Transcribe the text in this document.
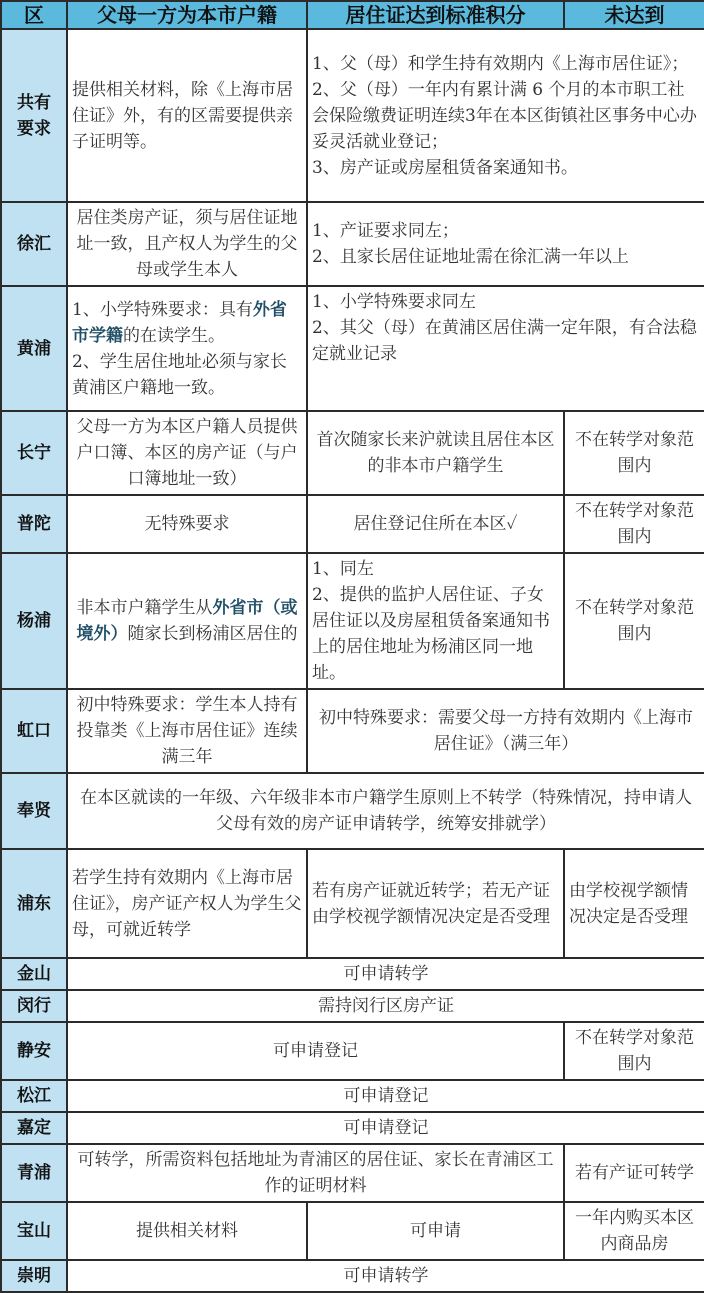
区	父母一方为本市户籍	居住证达到标准积分	未达到

共有
要求	提供相关材料，除《上海市居住证》外，有的区需要提供亲子证明等。	1、父（母）和学生持有效期内《上海市居住证》；
2、父（母）一年内有累计满 6 个月的本市职工社会保险缴费证明连续3年在本区街镇社区事务中心办妥灵活就业登记；
3、房产证或房屋租赁备案通知书。	

徐汇	居住类房产证，须与居住证地址一致，且产权人为学生的父母或学生本人	1、产证要求同左；
2、且家长居住证地址需在徐汇满一年以上	

黄浦	1、小学特殊要求：具有外省市学籍的在读学生。
2、学生居住地址必须与家长黄浦区户籍地一致。	1、小学特殊要求同左
2、其父（母）在黄浦区居住满一定年限，有合法稳定就业记录	

长宁	父母一方为本区户籍人员提供户口簿、本区的房产证（与户口簿地址一致）	首次随家长来沪就读且居住本区的非本市户籍学生	不在转学对象范围内
普陀	无特殊要求	居住登记住所在本区✓	不在转学对象范围内
杨浦	非本市户籍学生从外省市（或境外）随家长到杨浦区居住的	1、同左
2、提供的监护人居住证、子女居住证以及房屋租赁备案通知书上的居住地址为杨浦区同一地址。	不在转学对象范围内
虹口	初中特殊要求：学生本人持有投靠类《上海市居住证》连续满三年	初中特殊要求：需要父母一方持有效期内《上海市居住证》（满三年）	
奉贤	在本区就读的一年级、六年级非本市户籍学生原则上不转学（特殊情况，持申请人父母有效的房产证申请转学，统筹安排就学）		
浦东	若学生持有效期内《上海市居住证》，房产证产权人为学生父母，可就近转学	若有房产证就近转学；若无产证由学校视学额情况决定是否受理	由学校视学额情况决定是否受理
金山	可申请转学		
闵行	需持闵行区房产证		
静安	可申请登记		不在转学对象范围内
松江	可申请登记		
嘉定	可申请登记		
青浦	可转学，所需资料包括地址为青浦区的居住证、家长在青浦区工作的证明材料		若有产证可转学
宝山	提供相关材料	可申请	一年内购买本区内商品房
崇明	可申请转学		
